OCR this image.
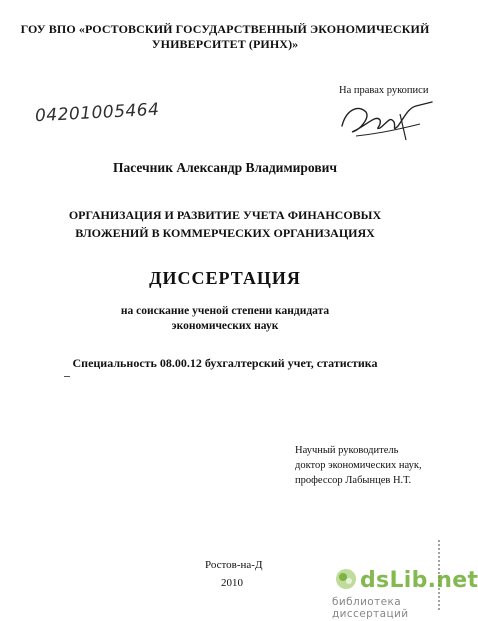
ГОУ ВПО «РОСТОВСКИЙ ГОСУДАРСТВЕННЫЙ ЭКОНОМИЧЕСКИЙ
УНИВЕРСИТЕТ (РИНХ)»
На правах рукописи
04201005464
Пасечник Александр Владимирович
ОРГАНИЗАЦИЯ И РАЗВИТИЕ УЧЕТА ФИНАНСОВЫХ
ВЛОЖЕНИЙ В КОММЕРЧЕСКИХ ОРГАНИЗАЦИЯХ
ДИССЕРТАЦИЯ
на соискание ученой степени кандидата
экономических наук
Специальность 08.00.12 бухгалтерский учет, статистика
Научный руководитель
доктор экономических наук,
профессор Лабынцев Н.Т.
Ростов-на-Д
2010	dsLib.net
библиотека диссертаций
